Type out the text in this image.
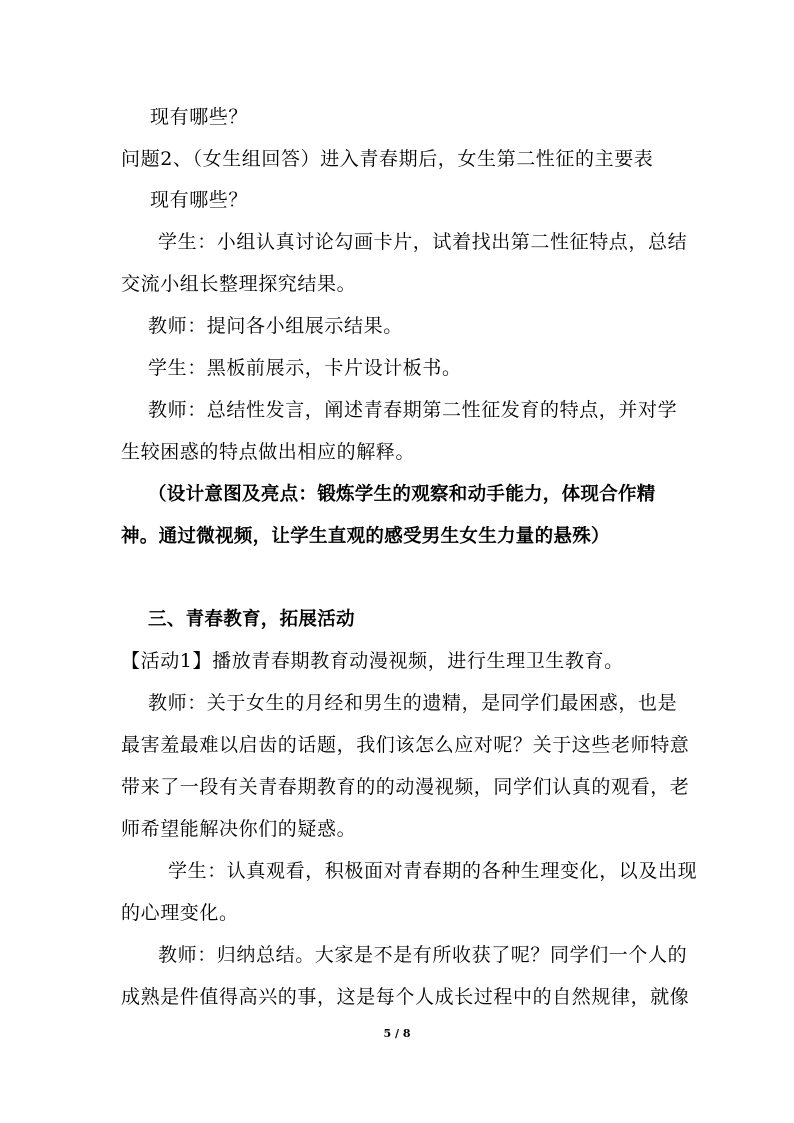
现有哪些？
问题2、（女生组回答）进入青春期后，女生第二性征的主要表
现有哪些？
学生：小组认真讨论勾画卡片，试着找出第二性征特点，总结
交流小组长整理探究结果。
教师：提问各小组展示结果。
学生：黑板前展示，卡片设计板书。
教师：总结性发言，阐述青春期第二性征发育的特点，并对学
生较困惑的特点做出相应的解释。
（设计意图及亮点：锻炼学生的观察和动手能力，体现合作精
神。通过微视频，让学生直观的感受男生女生力量的悬殊）
三、青春教育，拓展活动
【活动1】播放青春期教育动漫视频，进行生理卫生教育。
教师：关于女生的月经和男生的遗精，是同学们最困惑，也是
最害羞最难以启齿的话题，我们该怎么应对呢？关于这些老师特意
带来了一段有关青春期教育的的动漫视频，同学们认真的观看，老
师希望能解决你们的疑惑。
学生：认真观看，积极面对青春期的各种生理变化，以及出现
的心理变化。
教师：归纳总结。大家是不是有所收获了呢？同学们一个人的
成熟是件值得高兴的事，这是每个人成长过程中的自然规律，就像
5 / 8
